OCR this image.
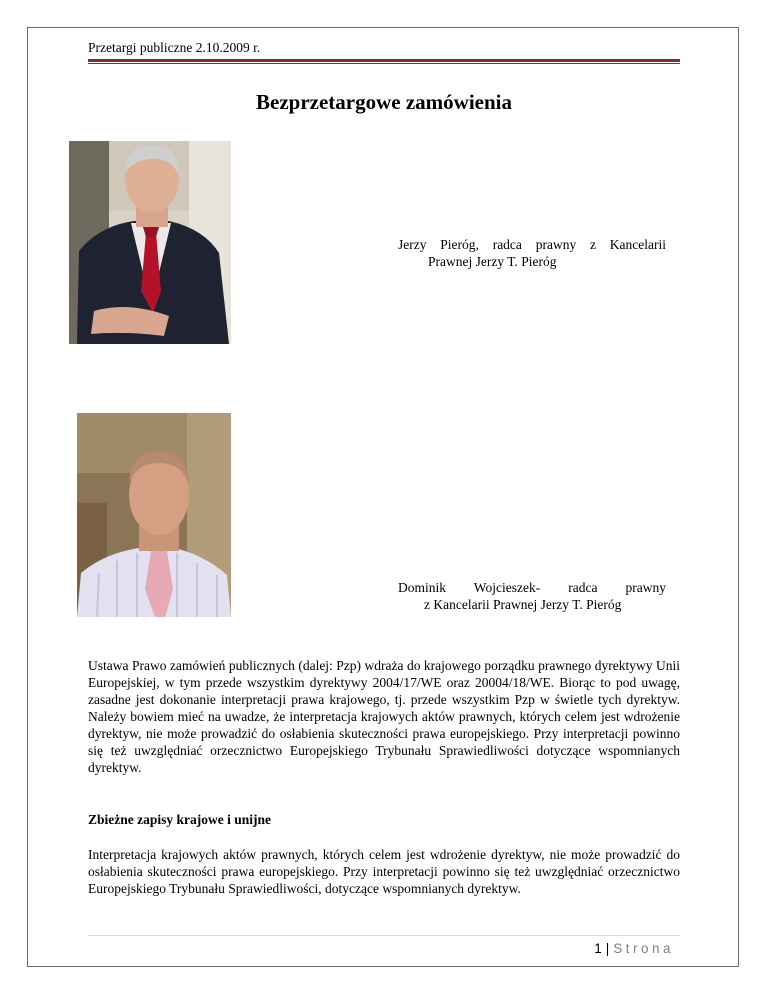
Przetargi publiczne 2.10.2009 r.
Bezprzetargowe zamówienia
Jerzy Pieróg, radca prawny z Kancelarii
Prawnej Jerzy T. Pieróg
Dominik Wojcieszek- radca prawny
z Kancelarii Prawnej Jerzy T. Pieróg
Ustawa Prawo zamówień publicznych (dalej: Pzp) wdraża do krajowego porządku prawnego dyrektywy Unii Europejskiej, w tym przede wszystkim dyrektywy 2004/17/WE oraz 20004/18/WE. Biorąc to pod uwagę, zasadne jest dokonanie interpretacji prawa krajowego, tj. przede wszystkim Pzp w świetle tych dyrektyw. Należy bowiem mieć na uwadze, że interpretacja krajowych aktów prawnych, których celem jest wdrożenie dyrektyw, nie może prowadzić do osłabienia skuteczności prawa europejskiego. Przy interpretacji powinno się też uwzględniać orzecznictwo Europejskiego Trybunału Sprawiedliwości dotyczące wspomnianych dyrektyw.
Zbieżne zapisy krajowe i unijne
Interpretacja krajowych aktów prawnych, których celem jest wdrożenie dyrektyw, nie może prowadzić do osłabienia skuteczności prawa europejskiego. Przy interpretacji powinno się też uwzględniać orzecznictwo Europejskiego Trybunału Sprawiedliwości, dotyczące wspomnianych dyrektyw.
1 | Strona
